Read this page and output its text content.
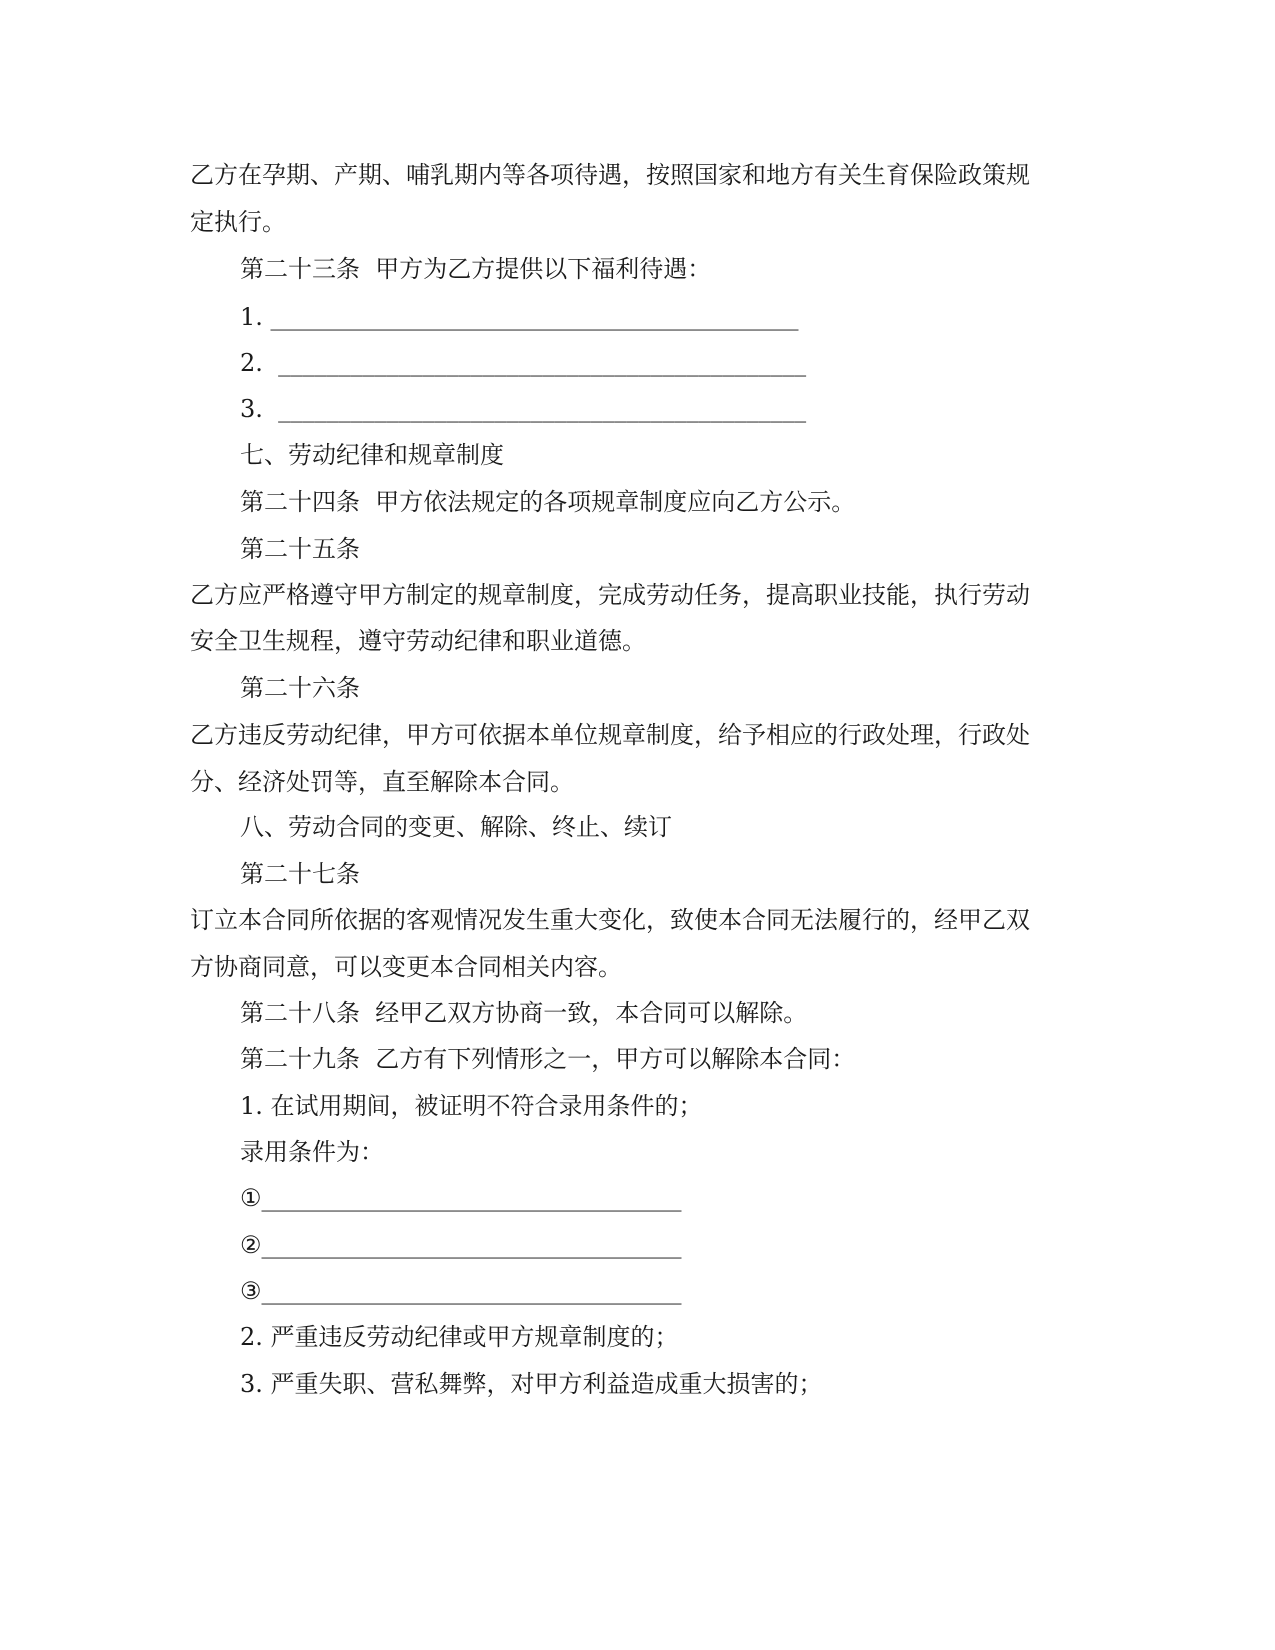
乙方在孕期、产期、哺乳期内等各项待遇，按照国家和地方有关生育保险政策规
定执行。
第二十三条  甲方为乙方提供以下福利待遇：
1. ____________________________________________
2.  ____________________________________________
3.  ____________________________________________
七、劳动纪律和规章制度
第二十四条  甲方依法规定的各项规章制度应向乙方公示。
第二十五条
乙方应严格遵守甲方制定的规章制度，完成劳动任务，提高职业技能，执行劳动
安全卫生规程，遵守劳动纪律和职业道德。
第二十六条
乙方违反劳动纪律，甲方可依据本单位规章制度，给予相应的行政处理，行政处
分、经济处罚等，直至解除本合同。
八、劳动合同的变更、解除、终止、续订
第二十七条
订立本合同所依据的客观情况发生重大变化，致使本合同无法履行的，经甲乙双
方协商同意，可以变更本合同相关内容。
第二十八条  经甲乙双方协商一致，本合同可以解除。
第二十九条  乙方有下列情形之一，甲方可以解除本合同：
1. 在试用期间，被证明不符合录用条件的；
录用条件为：
①___________________________________
②___________________________________
③___________________________________
2. 严重违反劳动纪律或甲方规章制度的；
3. 严重失职、营私舞弊，对甲方利益造成重大损害的；
